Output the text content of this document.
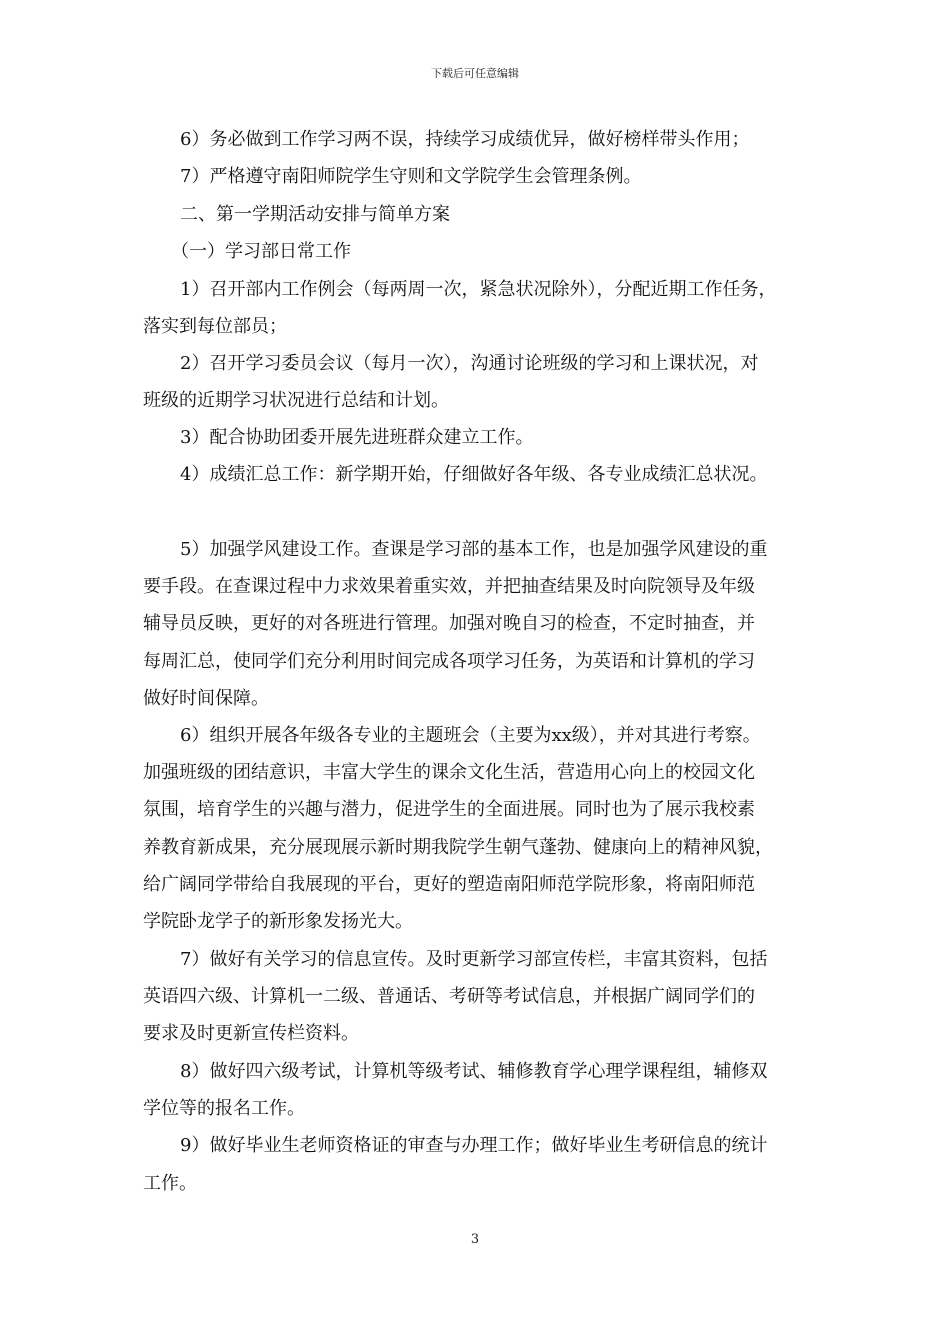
下载后可任意编辑
6）务必做到工作学习两不误，持续学习成绩优异，做好榜样带头作用；
7）严格遵守南阳师院学生守则和文学院学生会管理条例。
二、第一学期活动安排与简单方案
（一）学习部日常工作
1）召开部内工作例会（每两周一次，紧急状况除外），分配近期工作任务，
落实到每位部员；
2）召开学习委员会议（每月一次），沟通讨论班级的学习和上课状况，对
班级的近期学习状况进行总结和计划。
3）配合协助团委开展先进班群众建立工作。
4）成绩汇总工作：新学期开始，仔细做好各年级、各专业成绩汇总状况。
5）加强学风建设工作。查课是学习部的基本工作，也是加强学风建设的重
要手段。在查课过程中力求效果着重实效，并把抽查结果及时向院领导及年级
辅导员反映，更好的对各班进行管理。加强对晚自习的检查，不定时抽查，并
每周汇总，使同学们充分利用时间完成各项学习任务，为英语和计算机的学习
做好时间保障。
6）组织开展各年级各专业的主题班会（主要为xx级），并对其进行考察。
加强班级的团结意识，丰富大学生的课余文化生活，营造用心向上的校园文化
氛围，培育学生的兴趣与潜力，促进学生的全面进展。同时也为了展示我校素
养教育新成果，充分展现展示新时期我院学生朝气蓬勃、健康向上的精神风貌，
给广阔同学带给自我展现的平台，更好的塑造南阳师范学院形象，将南阳师范
学院卧龙学子的新形象发扬光大。
7）做好有关学习的信息宣传。及时更新学习部宣传栏，丰富其资料，包括
英语四六级、计算机一二级、普通话、考研等考试信息，并根据广阔同学们的
要求及时更新宣传栏资料。
8）做好四六级考试，计算机等级考试、辅修教育学心理学课程组，辅修双
学位等的报名工作。
9）做好毕业生老师资格证的审查与办理工作；做好毕业生考研信息的统计
工作。
3
